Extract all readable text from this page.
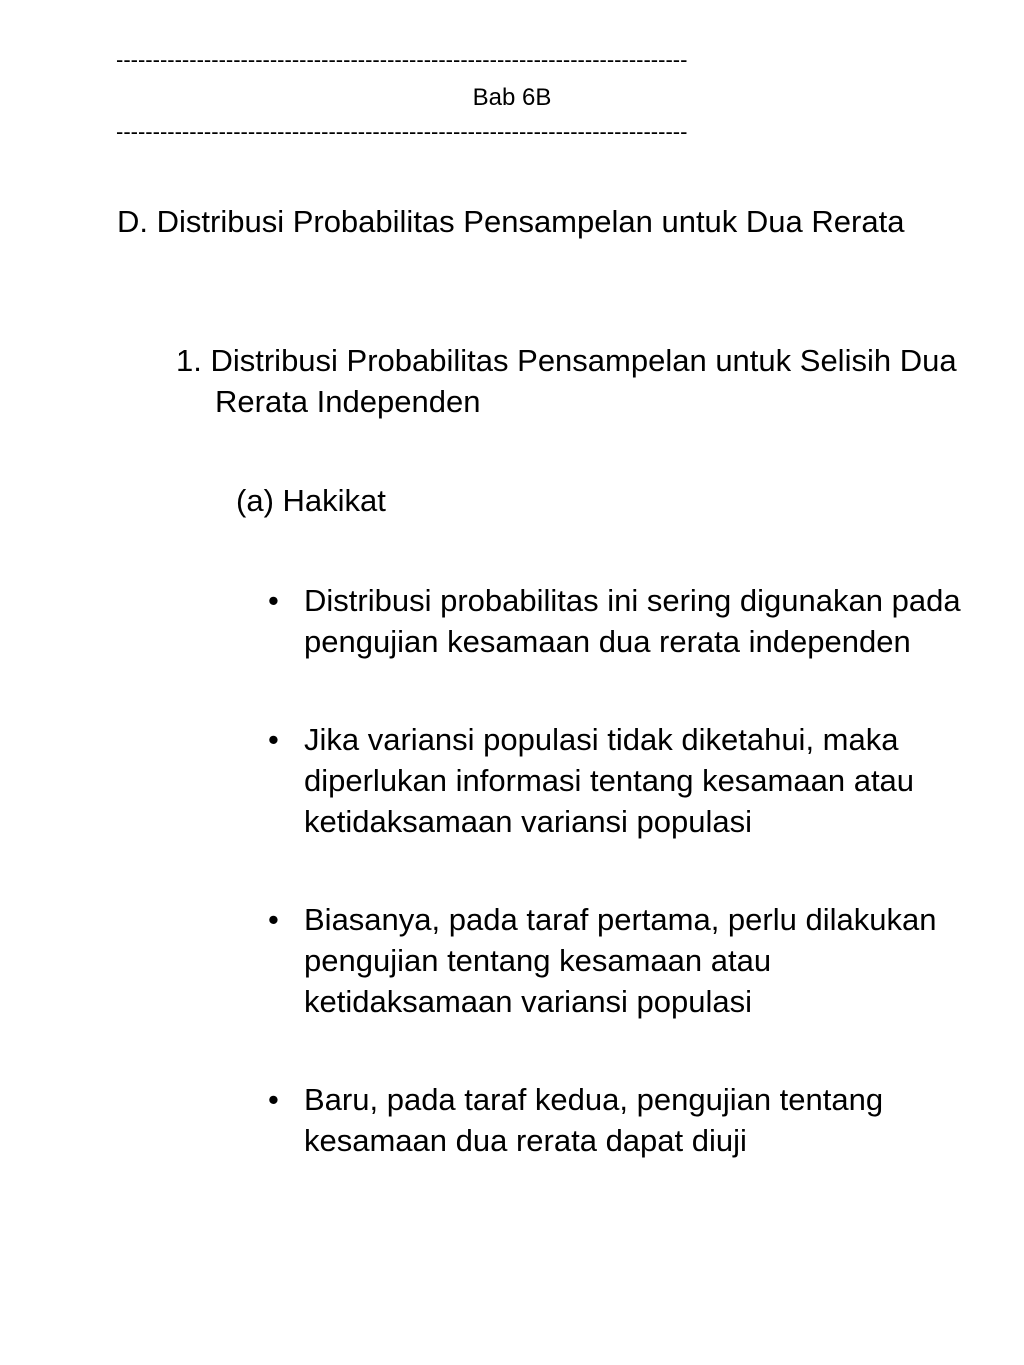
------------------------------------------------------------------------------
Bab 6B
------------------------------------------------------------------------------
D. Distribusi Probabilitas Pensampelan untuk Dua Rerata
1. Distribusi Probabilitas Pensampelan untuk Selisih Dua Rerata Independen
(a) Hakikat
• Distribusi probabilitas ini sering digunakan pada pengujian kesamaan dua rerata independen
• Jika variansi populasi tidak diketahui, maka diperlukan informasi tentang kesamaan atau ketidaksamaan variansi populasi
• Biasanya, pada taraf pertama, perlu dilakukan pengujian tentang kesamaan atau ketidaksamaan variansi populasi
• Baru, pada taraf kedua, pengujian tentang kesamaan dua rerata dapat diuji
